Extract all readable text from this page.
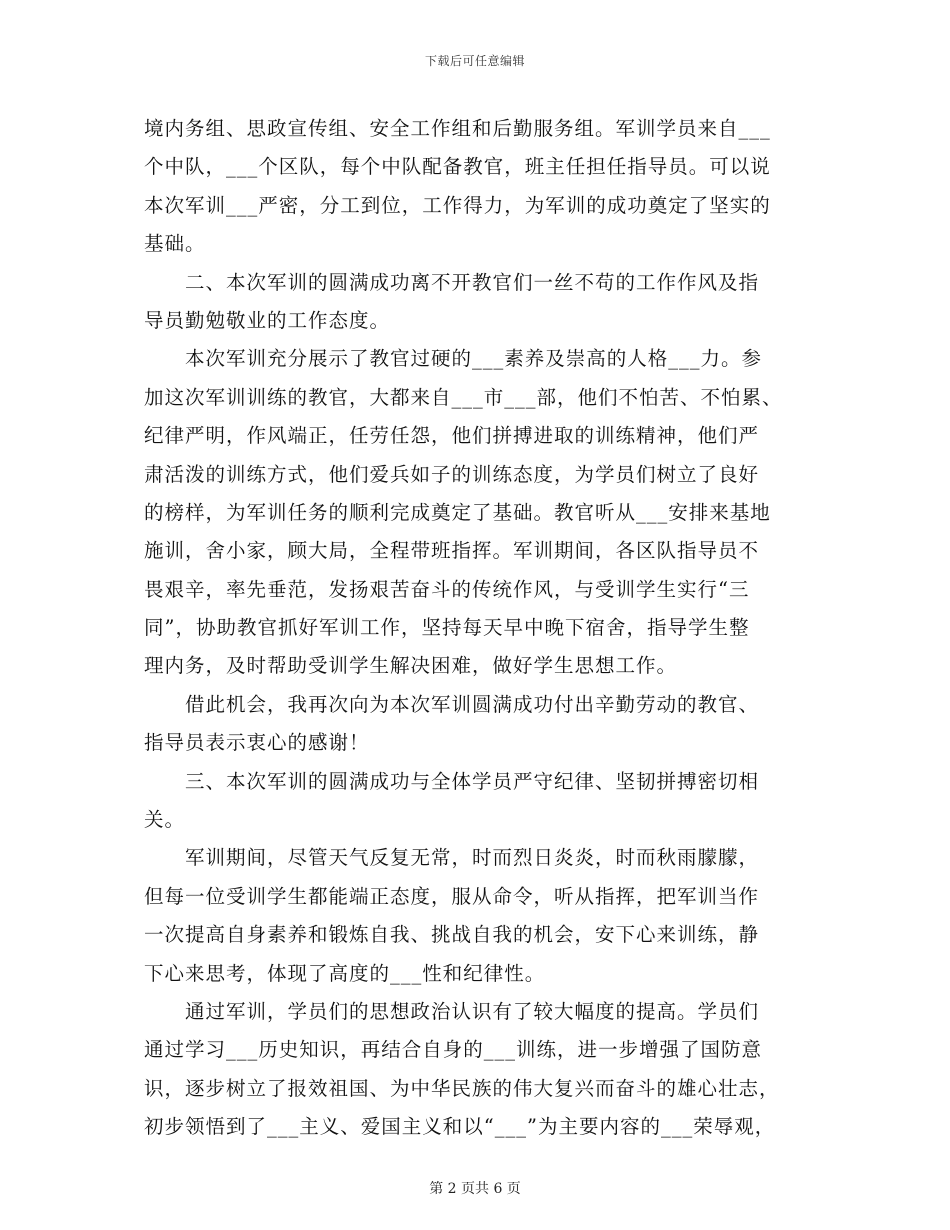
下载后可任意编辑
境内务组、思政宣传组、安全工作组和后勤服务组。军训学员来自___
个中队，___个区队，每个中队配备教官，班主任担任指导员。可以说
本次军训___严密，分工到位，工作得力，为军训的成功奠定了坚实的
基础。
　　二、本次军训的圆满成功离不开教官们一丝不苟的工作作风及指
导员勤勉敬业的工作态度。
　　本次军训充分展示了教官过硬的___素养及崇高的人格___力。参
加这次军训训练的教官，大都来自___市___部，他们不怕苦、不怕累、
纪律严明，作风端正，任劳任怨，他们拼搏进取的训练精神，他们严
肃活泼的训练方式，他们爱兵如子的训练态度，为学员们树立了良好
的榜样，为军训任务的顺利完成奠定了基础。教官听从___安排来基地
施训，舍小家，顾大局，全程带班指挥。军训期间，各区队指导员不
畏艰辛，率先垂范，发扬艰苦奋斗的传统作风，与受训学生实行“三
同”，协助教官抓好军训工作，坚持每天早中晚下宿舍，指导学生整
理内务，及时帮助受训学生解决困难，做好学生思想工作。
　　借此机会，我再次向为本次军训圆满成功付出辛勤劳动的教官、
指导员表示衷心的感谢！
　　三、本次军训的圆满成功与全体学员严守纪律、坚韧拼搏密切相
关。
　　军训期间，尽管天气反复无常，时而烈日炎炎，时而秋雨朦朦，
但每一位受训学生都能端正态度，服从命令，听从指挥，把军训当作
一次提高自身素养和锻炼自我、挑战自我的机会，安下心来训练，静
下心来思考，体现了高度的___性和纪律性。
　　通过军训，学员们的思想政治认识有了较大幅度的提高。学员们
通过学习___历史知识，再结合自身的___训练，进一步增强了国防意
识，逐步树立了报效祖国、为中华民族的伟大复兴而奋斗的雄心壮志，
初步领悟到了___主义、爱国主义和以“___”为主要内容的___荣辱观，
第 2 页共 6 页
